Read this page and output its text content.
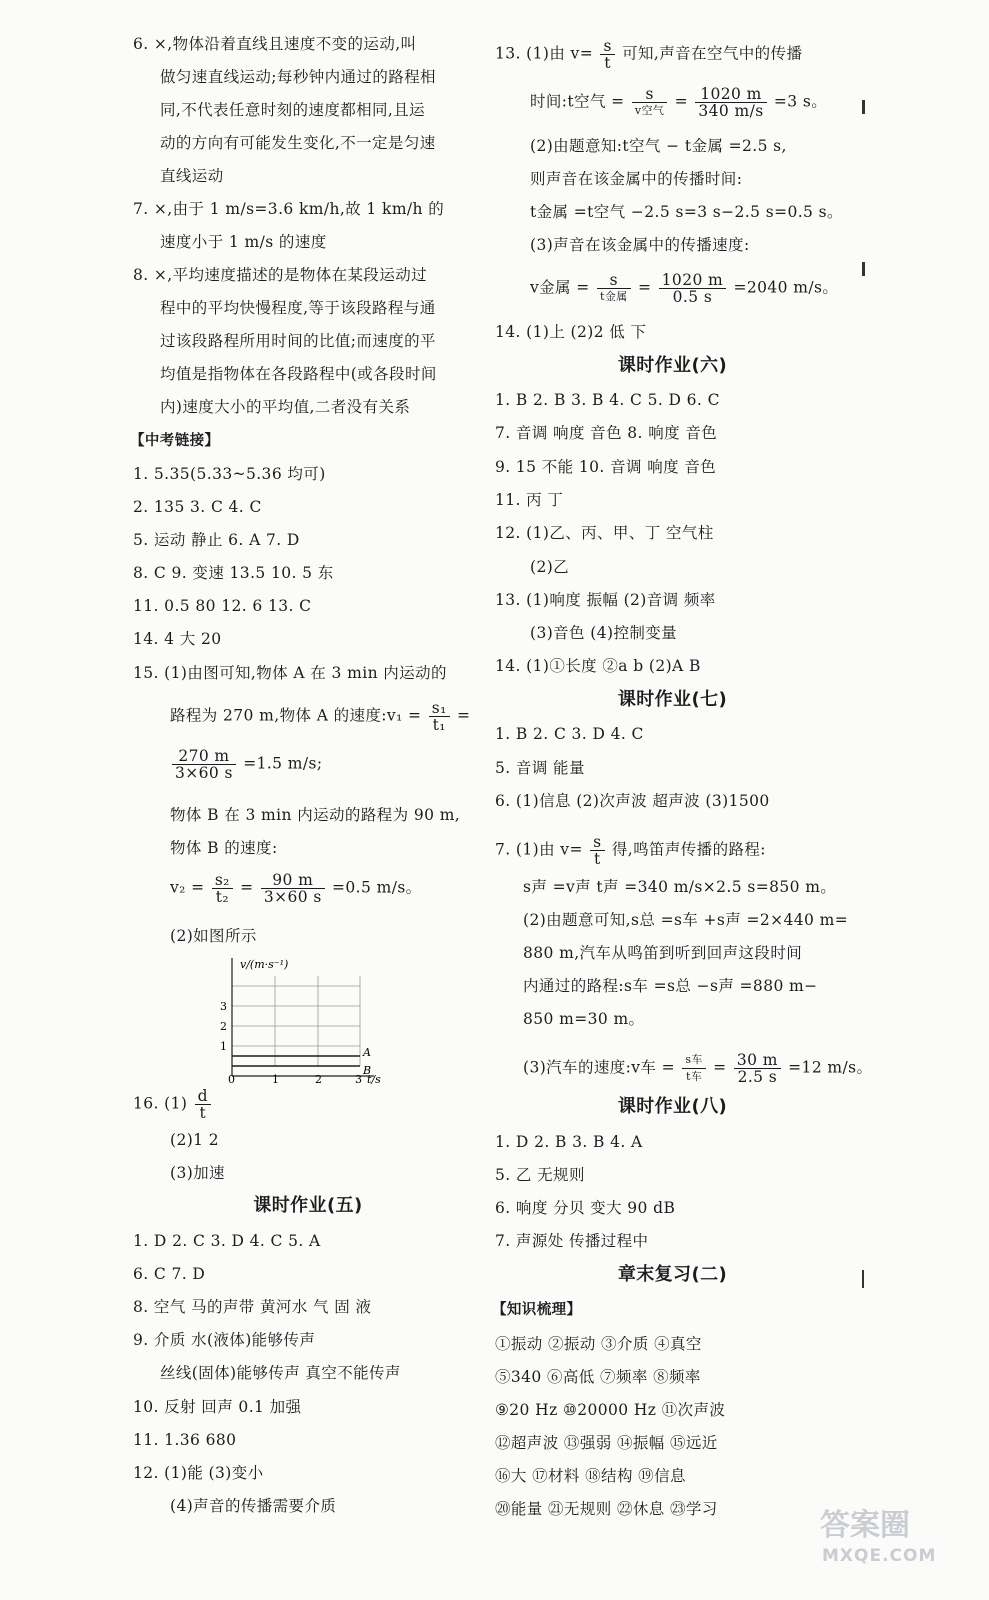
6. ×,物体沿着直线且速度不变的运动,叫
做匀速直线运动;每秒钟内通过的路程相
同,不代表任意时刻的速度都相同,且运
动的方向有可能发生变化,不一定是匀速
直线运动
7. ×,由于 1 m/s=3.6 km/h,故 1 km/h 的
速度小于 1 m/s 的速度
8. ×,平均速度描述的是物体在某段运动过
程中的平均快慢程度,等于该段路程与通
过该段路程所用时间的比值;而速度的平
均值是指物体在各段路程中(或各段时间
内)速度大小的平均值,二者没有关系
【中考链接】
1. 5.35(5.33~5.36 均可)
2. 135 3. C 4. C
5. 运动 静止 6. A 7. D
8. C 9. 变速 13.5 10. 5 东
11. 0.5 80 12. 6 13. C
14. 4 大 20
15. (1)由图可知,物体 A 在 3 min 内运动的
路程为 270 m,物体 A 的速度:v₁ = $\frac{\text{s₁}}{\text{t₁}}$ =
$\frac{270 m}{3\times 60 s} =1.5$ m/s;
物体 B 在 3 min 内运动的路程为 90 m,
物体 B 的速度:
$v_2 = \frac{\text{s₂}}{\text{t₂}} = \frac{90 m}{3\times 60 s} =0.5$ m/s。
(2)如图所示
16. $(1) \frac{d}{t}$
(2)1 2
(3)加速
课时作业(五)
1. D 2. C 3. D 4. C 5. A
6. C 7. D
8. 空气 马的声带 黄河水 气 固 液
9. 介质 水(液体)能够传声
丝线(固体)能够传声 真空不能传声
10. 反射 回声 0.1 加强
11. 1.36 680
12. (1)能 (3)变小
(4)声音的传播需要介质
v/(m·s⁻¹)
t/s
0	1	2	3
1
2
3
A
B
13. (1)由 $v= \frac{s}{t}$ 可知,声音在空气中的传播
时间:t空气 = $\frac{s}{\text{v空气}} = \frac{1020 m}{340 m/s} =3$ s。
(2)由题意知:t空气 − t金属 =2.5 s,
则声音在该金属中的传播时间:
t金属 =t空气 −2.5 s=3 s−2.5 s=0.5 s。
(3)声音在该金属中的传播速度:
v金属 = $\frac{s}{\text{t金属}} = \frac{1020 m}{0.5 s} =2040$ m/s。
14. (1)上 (2)2 低 下
课时作业(六)
1. B 2. B 3. B 4. C 5. D 6. C
7. 音调 响度 音色 8. 响度 音色
9. 15 不能 10. 音调 响度 音色
11. 丙 丁
12. (1)乙、丙、甲、丁 空气柱
(2)乙
13. (1)响度 振幅 (2)音调 频率
(3)音色 (4)控制变量
14. (1)①长度 ②a b (2)A B
课时作业(七)
1. B 2. C 3. D 4. C
5. 音调 能量
6. (1)信息 (2)次声波 超声波 (3)1500
7. (1)由 $v= \frac{s}{t}$ 得,鸣笛声传播的路程:
s声 =v声 t声 =340 m/s×2.5 s=850 m。
(2)由题意可知,s总 =s车 +s声 =2×440 m=
880 m,汽车从鸣笛到听到回声这段时间
内通过的路程:s车 =s总 −s声 =880 m−
850 m=30 m。
(3)汽车的速度:v车 = $\frac{\text{s车}}{\text{t车}} = \frac{30 m}{2.5 s} =12$ m/s。
课时作业(八)
1. D 2. B 3. B 4. A
5. 乙 无规则
6. 响度 分贝 变大 90 dB
7. 声源处 传播过程中
章末复习(二)
【知识梳理】
①振动 ②振动 ③介质 ④真空
⑤340 ⑥高低 ⑦频率 ⑧频率
⑨20 Hz ⑩20000 Hz ⑪次声波
⑫超声波 ⑬强弱 ⑭振幅 ⑮远近
⑯大 ⑰材料 ⑱结构 ⑲信息
⑳能量 ㉑无规则 ㉒休息 ㉓学习	答案圈
MXQE.COM
